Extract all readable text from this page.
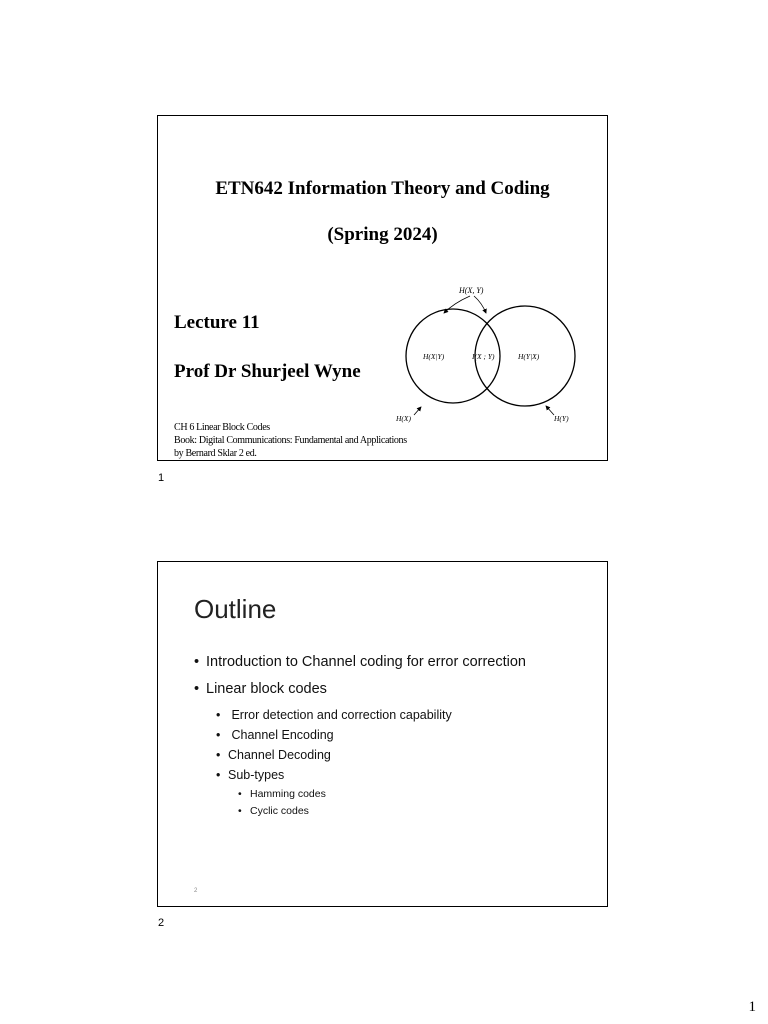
ETN642 Information Theory and Coding
(Spring 2024)
Lecture 11
Prof Dr Shurjeel Wyne
CH 6 Linear Block Codes
Book: Digital Communications: Fundamental and Applications
by Bernard Sklar 2 ed.
H(X, Y)
H(X|Y)	I(X ; Y)	H(Y|X)
H(X)	H(Y)
1
Outline
• Introduction to Channel coding for error correction
• Linear block codes
• Error detection and correction capability
• Channel Encoding
• Channel Decoding
• Sub-types
• Hamming codes
• Cyclic codes
2
2
1
